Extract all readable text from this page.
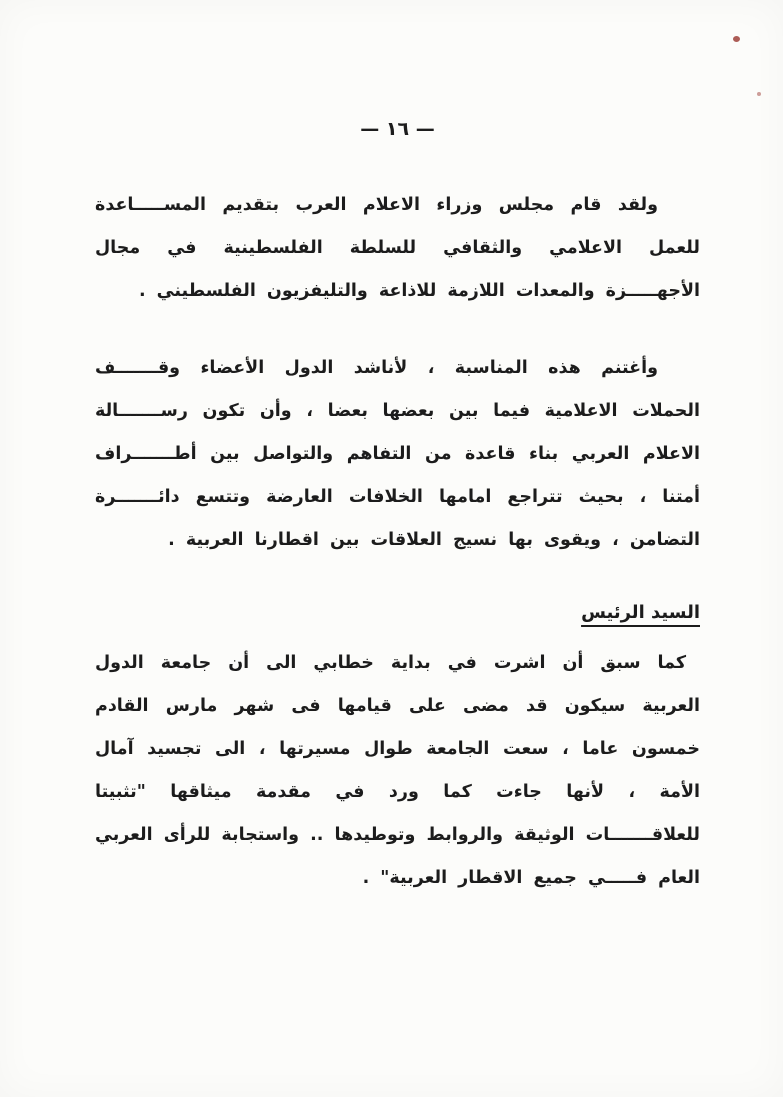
— ١٦ —

ولقد قام مجلس وزراء الاعلام العرب بتقديم المســـــاعدة للعمل الاعلامي والثقافي للسلطة الفلسطينية في مجال الأجهـــــزة والمعدات اللازمة للاذاعة والتليفزيون الفلسطيني .

وأغتنم هذه المناسبة ، لأناشد الدول الأعضاء وقـــــــف الحملات الاعلامية فيما بين بعضها بعضا ، وأن تكون رســـــــالة الاعلام العربي بناء قاعدة من التفاهم والتواصل بين أطـــــــراف أمتنا ، بحيث تتراجع امامها الخلافات العارضة وتتسع دائـــــــرة التضامن ، ويقوى بها نسيج العلاقات بين اقطارنا العربية .

السيد الرئيس

كما سبق أن اشرت في بداية خطابي الى أن جامعة الدول العربية سيكون قد مضى على قيامها فى شهر مارس القادم خمسون عاما ، سعت الجامعة طوال مسيرتها ، الى تجسيد آمال الأمة ، لأنها جاءت كما ورد في مقدمة ميثاقها "تثبيتا للعلاقـــــــات الوثيقة والروابط وتوطيدها .. واستجابة للرأى العربي العام فـــــي جميع الاقطار العربية" .
